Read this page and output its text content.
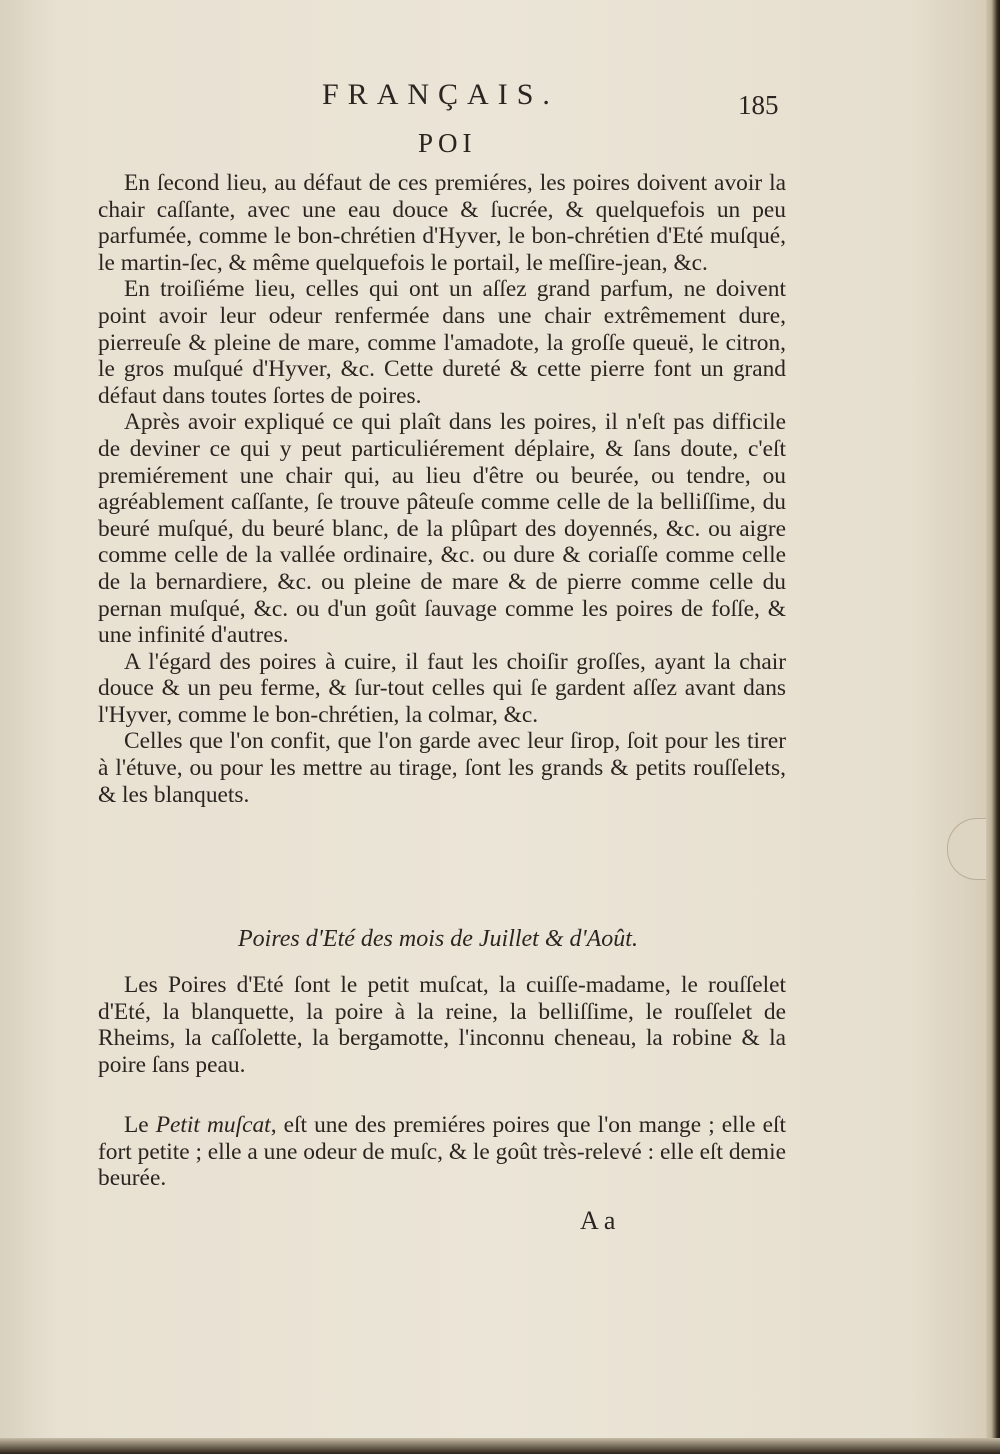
FRANÇAIS.	185
POI

En ſecond lieu, au défaut de ces premiéres, les poires doivent avoir la chair caſſante, avec une eau douce & ſucrée, & quelquefois un peu parfumée, comme le bon-chrétien d'Hyver, le bon-chrétien d'Eté muſqué, le martin-ſec, & même quelquefois le portail, le meſſire-jean, &c.

En troiſiéme lieu, celles qui ont un aſſez grand parfum, ne doivent point avoir leur odeur renfermée dans une chair extrêmement dure, pierreuſe & pleine de mare, comme l'amadote, la groſſe queuë, le citron, le gros muſqué d'Hyver, &c. Cette dureté & cette pierre font un grand défaut dans toutes ſortes de poires.

Après avoir expliqué ce qui plaît dans les poires, il n'eſt pas difficile de deviner ce qui y peut particuliérement déplaire, & ſans doute, c'eſt premiérement une chair qui, au lieu d'être ou beurée, ou tendre, ou agréablement caſſante, ſe trouve pâteuſe comme celle de la belliſſime, du beuré muſqué, du beuré blanc, de la plûpart des doyennés, &c. ou aigre comme celle de la vallée ordinaire, &c. ou dure & coriaſſe comme celle de la bernardiere, &c. ou pleine de mare & de pierre comme celle du pernan muſqué, &c. ou d'un goût ſauvage comme les poires de foſſe, & une infinité d'autres.

A l'égard des poires à cuire, il faut les choiſir groſſes, ayant la chair douce & un peu ferme, & ſur-tout celles qui ſe gardent aſſez avant dans l'Hyver, comme le bon-chrétien, la colmar, &c.

Celles que l'on confit, que l'on garde avec leur ſirop, ſoit pour les tirer à l'étuve, ou pour les mettre au tirage, ſont les grands & petits rouſſelets, & les blanquets.

Poires d'Eté des mois de Juillet & d'Août.

Les Poires d'Eté ſont le petit muſcat, la cuiſſe-madame, le rouſſelet d'Eté, la blanquette, la poire à la reine, la belliſſime, le rouſſelet de Rheims, la caſſolette, la bergamotte, l'inconnu cheneau, la robine & la poire ſans peau.

Le Petit muſcat, eſt une des premiéres poires que l'on mange ; elle eſt fort petite ; elle a une odeur de muſc, & le goût très-relevé : elle eſt demie beurée.

A a
